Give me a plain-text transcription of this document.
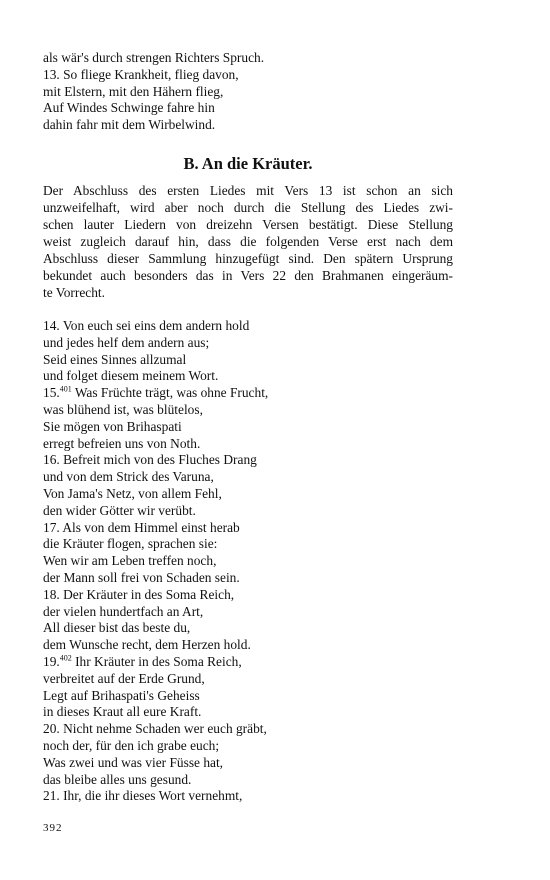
als wär's durch strengen Richters Spruch.
13. So fliege Krankheit, flieg davon,
mit Elstern, mit den Hähern flieg,
Auf Windes Schwinge fahre hin
dahin fahr mit dem Wirbelwind.
B. An die Kräuter.
Der Abschluss des ersten Liedes mit Vers 13 ist schon an sich
unzweifelhaft, wird aber noch durch die Stellung des Liedes zwi-
schen lauter Liedern von dreizehn Versen bestätigt. Diese Stellung
weist zugleich darauf hin, dass die folgenden Verse erst nach dem
Abschluss dieser Sammlung hinzugefügt sind. Den spätern Ursprung
bekundet auch besonders das in Vers 22 den Brahmanen eingeräum-
te Vorrecht.
14. Von euch sei eins dem andern hold
und jedes helf dem andern aus;
Seid eines Sinnes allzumal
und folget diesem meinem Wort.
15.$^{401}$ Was Früchte trägt, was ohne Frucht,
was blühend ist, was blütelos,
Sie mögen von Brihaspati
erregt befreien uns von Noth.
16. Befreit mich von des Fluches Drang
und von dem Strick des Varuna,
Von Jama's Netz, von allem Fehl,
den wider Götter wir verübt.
17. Als von dem Himmel einst herab
die Kräuter flogen, sprachen sie:
Wen wir am Leben treffen noch,
der Mann soll frei von Schaden sein.
18. Der Kräuter in des Soma Reich,
der vielen hundertfach an Art,
All dieser bist das beste du,
dem Wunsche recht, dem Herzen hold.
19.$^{402}$ Ihr Kräuter in des Soma Reich,
verbreitet auf der Erde Grund,
Legt auf Brihaspati's Geheiss
in dieses Kraut all eure Kraft.
20. Nicht nehme Schaden wer euch gräbt,
noch der, für den ich grabe euch;
Was zwei und was vier Füsse hat,
das bleibe alles uns gesund.
21. Ihr, die ihr dieses Wort vernehmt,
392
